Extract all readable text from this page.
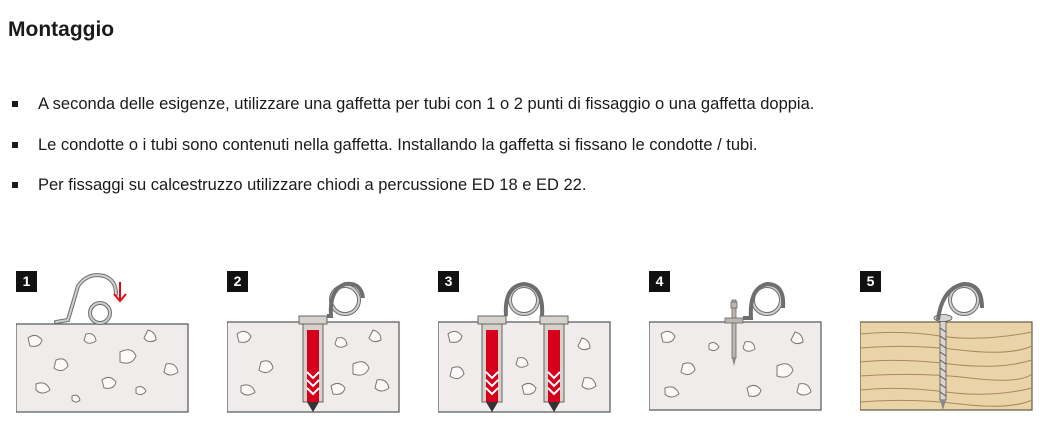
Montaggio
A seconda delle esigenze, utilizzare una gaffetta per tubi con 1 o 2 punti di fissaggio o una gaffetta doppia.
Le condotte o i tubi sono contenuti nella gaffetta. Installando la gaffetta si fissano le condotte / tubi.
Per fissaggi su calcestruzzo utilizzare chiodi a percussione ED 18 e ED 22.
1	2	3	4	5
